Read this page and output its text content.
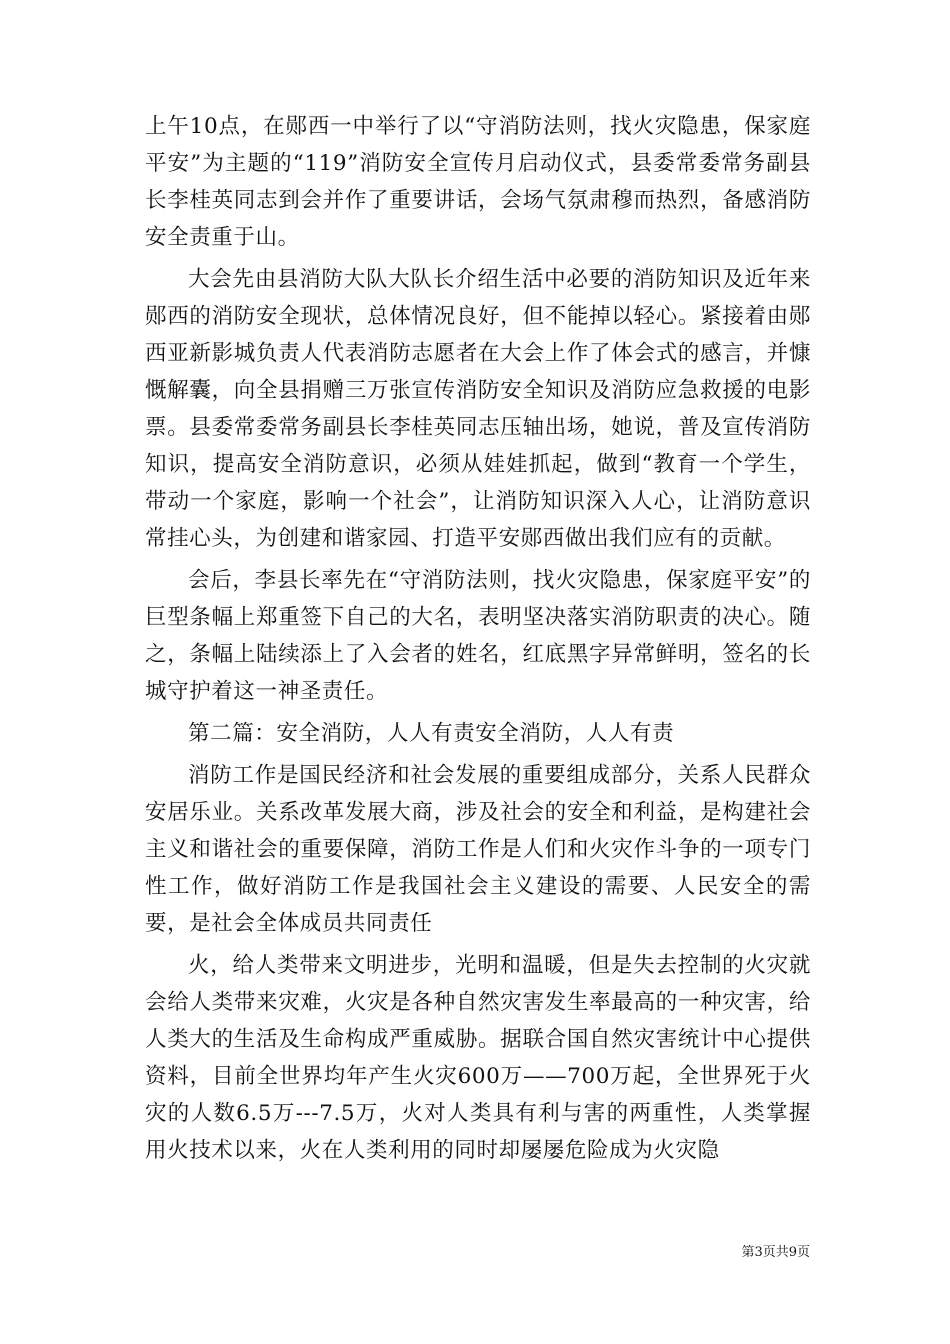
上午10点，在郧西一中举行了以“守消防法则，找火灾隐患，保家庭平安”为主题的“119”消防安全宣传月启动仪式，县委常委常务副县长李桂英同志到会并作了重要讲话，会场气氛肃穆而热烈，备感消防安全责重于山。

大会先由县消防大队大队长介绍生活中必要的消防知识及近年来郧西的消防安全现状，总体情况良好，但不能掉以轻心。紧接着由郧西亚新影城负责人代表消防志愿者在大会上作了体会式的感言，并慷慨解囊，向全县捐赠三万张宣传消防安全知识及消防应急救援的电影票。县委常委常务副县长李桂英同志压轴出场，她说，普及宣传消防知识，提高安全消防意识，必须从娃娃抓起，做到“教育一个学生，带动一个家庭，影响一个社会”，让消防知识深入人心，让消防意识常挂心头，为创建和谐家园、打造平安郧西做出我们应有的贡献。

会后，李县长率先在“守消防法则，找火灾隐患，保家庭平安”的巨型条幅上郑重签下自己的大名，表明坚决落实消防职责的决心。随之，条幅上陆续添上了入会者的姓名，红底黑字异常鲜明，签名的长城守护着这一神圣责任。

第二篇：安全消防，人人有责安全消防，人人有责

消防工作是国民经济和社会发展的重要组成部分，关系人民群众安居乐业。关系改革发展大商，涉及社会的安全和利益，是构建社会主义和谐社会的重要保障，消防工作是人们和火灾作斗争的一项专门性工作，做好消防工作是我国社会主义建设的需要、人民安全的需要，是社会全体成员共同责任

火，给人类带来文明进步，光明和温暖，但是失去控制的火灾就会给人类带来灾难，火灾是各种自然灾害发生率最高的一种灾害，给人类大的生活及生命构成严重威胁。据联合国自然灾害统计中心提供资料，目前全世界均年产生火灾600万——700万起，全世界死于火灾的人数6.5万---7.5万，火对人类具有利与害的两重性，人类掌握用火技术以来，火在人类利用的同时却屡屡危险成为火灾隐

第3页共9页
